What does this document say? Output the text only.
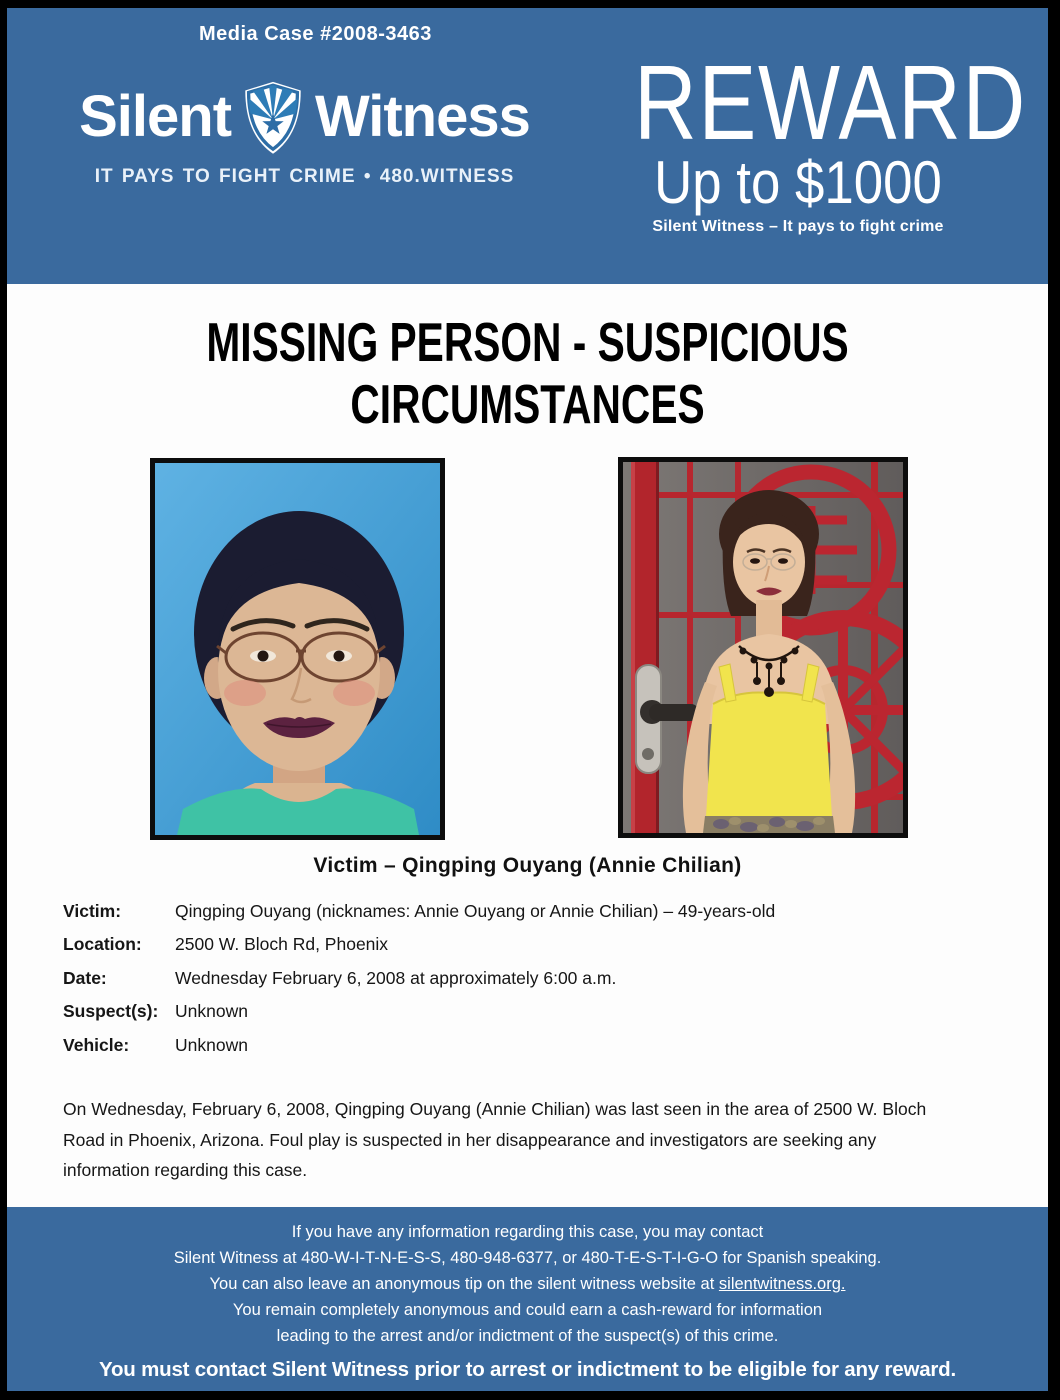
Media Case #2008-3463
Silent Witness
IT PAYS TO FIGHT CRIME • 480.WITNESS
REWARD
Up to $1000
Silent Witness – It pays to fight crime
MISSING PERSON - SUSPICIOUS
CIRCUMSTANCES
Victim – Qingping Ouyang (Annie Chilian)
Victim:	Qingping Ouyang (nicknames: Annie Ouyang or Annie Chilian) – 49-years-old
Location: 2500 W. Bloch Rd, Phoenix
Date:	Wednesday February 6, 2008 at approximately 6:00 a.m.
Suspect(s): Unknown
Vehicle:	Unknown
On Wednesday, February 6, 2008, Qingping Ouyang (Annie Chilian) was last seen in the area of 2500 W. Bloch Road in Phoenix, Arizona. Foul play is suspected in her disappearance and investigators are seeking any information regarding this case.
If you have any information regarding this case, you may contact
Silent Witness at 480-W-I-T-N-E-S-S, 480-948-6377, or 480-T-E-S-T-I-G-O for Spanish speaking.
You can also leave an anonymous tip on the silent witness website at silentwitness.org.
You remain completely anonymous and could earn a cash-reward for information
leading to the arrest and/or indictment of the suspect(s) of this crime.
You must contact Silent Witness prior to arrest or indictment to be eligible for any reward.
